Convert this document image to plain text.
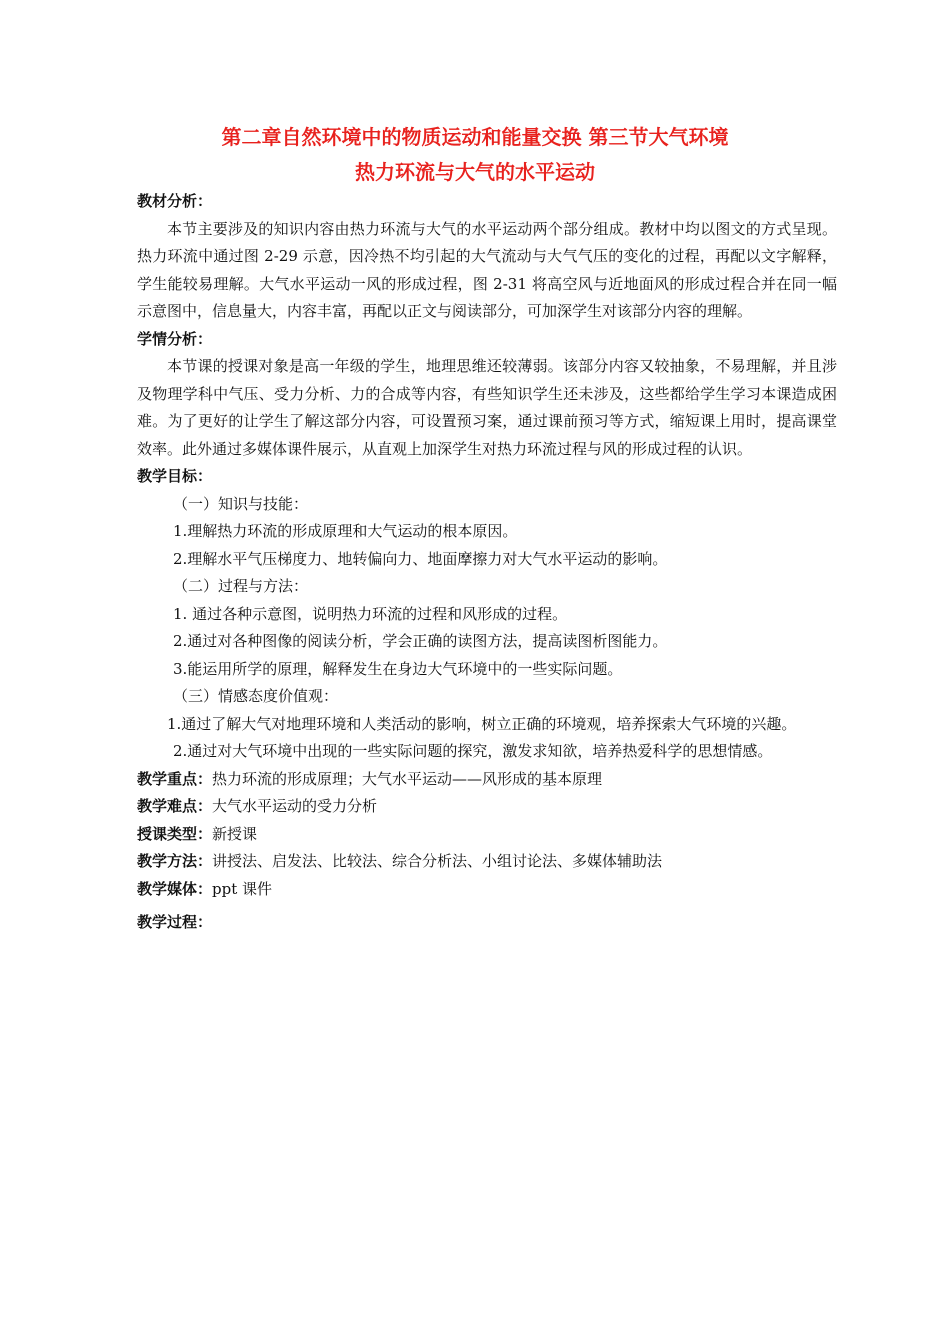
第二章自然环境中的物质运动和能量交换 第三节大气环境
热力环流与大气的水平运动
教材分析：
本节主要涉及的知识内容由热力环流与大气的水平运动两个部分组成。教材中均以图文的方式呈现。热力环流中通过图 2-29 示意，因冷热不均引起的大气流动与大气气压的变化的过程，再配以文字解释，学生能较易理解。大气水平运动一风的形成过程，图 2-31 将高空风与近地面风的形成过程合并在同一幅示意图中，信息量大，内容丰富，再配以正文与阅读部分，可加深学生对该部分内容的理解。
学情分析：
本节课的授课对象是高一年级的学生，地理思维还较薄弱。该部分内容又较抽象，不易理解，并且涉及物理学科中气压、受力分析、力的合成等内容，有些知识学生还未涉及，这些都给学生学习本课造成困难。为了更好的让学生了解这部分内容，可设置预习案，通过课前预习等方式，缩短课上用时，提高课堂效率。此外通过多媒体课件展示，从直观上加深学生对热力环流过程与风的形成过程的认识。
教学目标：
（一）知识与技能：
1.理解热力环流的形成原理和大气运动的根本原因。
2.理解水平气压梯度力、地转偏向力、地面摩擦力对大气水平运动的影响。
（二）过程与方法：
1. 通过各种示意图，说明热力环流的过程和风形成的过程。
2.通过对各种图像的阅读分析，学会正确的读图方法，提高读图析图能力。
3.能运用所学的原理，解释发生在身边大气环境中的一些实际问题。
（三）情感态度价值观：
1.通过了解大气对地理环境和人类活动的影响，树立正确的环境观，培养探索大气环境的兴趣。
2.通过对大气环境中出现的一些实际问题的探究，激发求知欲，培养热爱科学的思想情感。
教学重点：热力环流的形成原理；大气水平运动——风形成的基本原理
教学难点：大气水平运动的受力分析
授课类型：新授课
教学方法：讲授法、启发法、比较法、综合分析法、小组讨论法、多媒体辅助法
教学媒体：ppt 课件
教学过程：
